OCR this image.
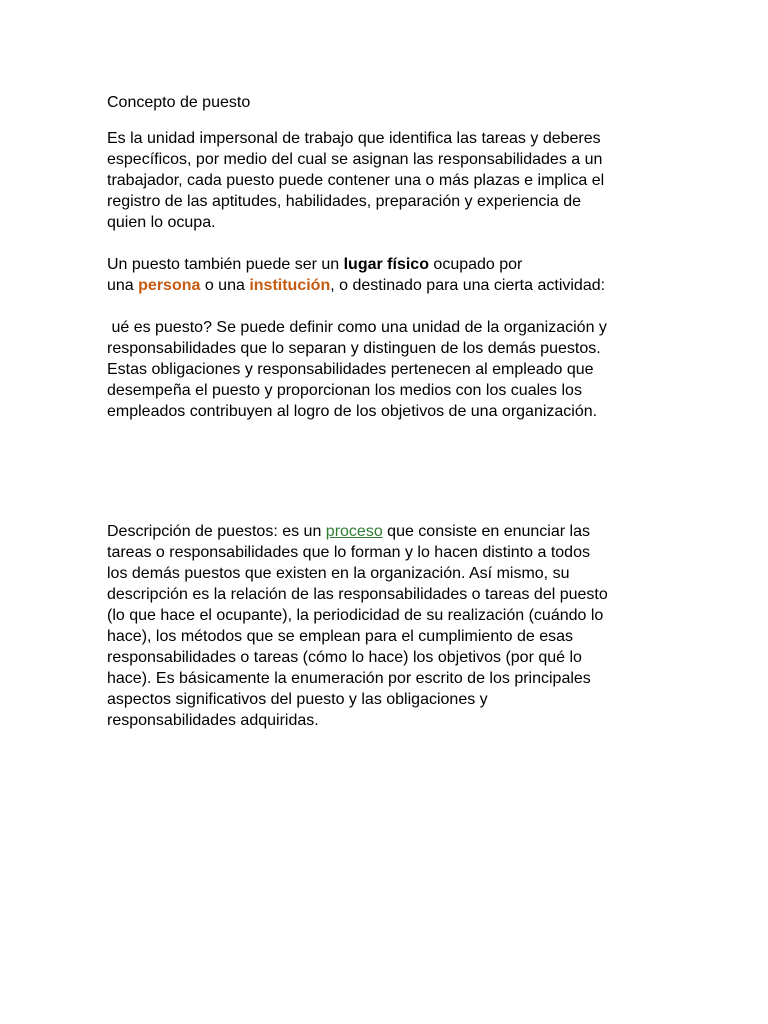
Concepto de puesto

Es la unidad impersonal de trabajo que identifica las tareas y deberes
específicos, por medio del cual se asignan las responsabilidades a un
trabajador, cada puesto puede contener una o más plazas e implica el
registro de las aptitudes, habilidades, preparación y experiencia de
quien lo ocupa.

Un puesto también puede ser un lugar físico ocupado por
una persona o una institución, o destinado para una cierta actividad:

ué es puesto? Se puede definir como una unidad de la organización y
responsabilidades que lo separan y distinguen de los demás puestos.
Estas obligaciones y responsabilidades pertenecen al empleado que
desempeña el puesto y proporcionan los medios con los cuales los
empleados contribuyen al logro de los objetivos de una organización.

Descripción de puestos: es un proceso que consiste en enunciar las
tareas o responsabilidades que lo forman y lo hacen distinto a todos
los demás puestos que existen en la organización. Así mismo, su
descripción es la relación de las responsabilidades o tareas del puesto
(lo que hace el ocupante), la periodicidad de su realización (cuándo lo
hace), los métodos que se emplean para el cumplimiento de esas
responsabilidades o tareas (cómo lo hace) los objetivos (por qué lo
hace). Es básicamente la enumeración por escrito de los principales
aspectos significativos del puesto y las obligaciones y
responsabilidades adquiridas.
